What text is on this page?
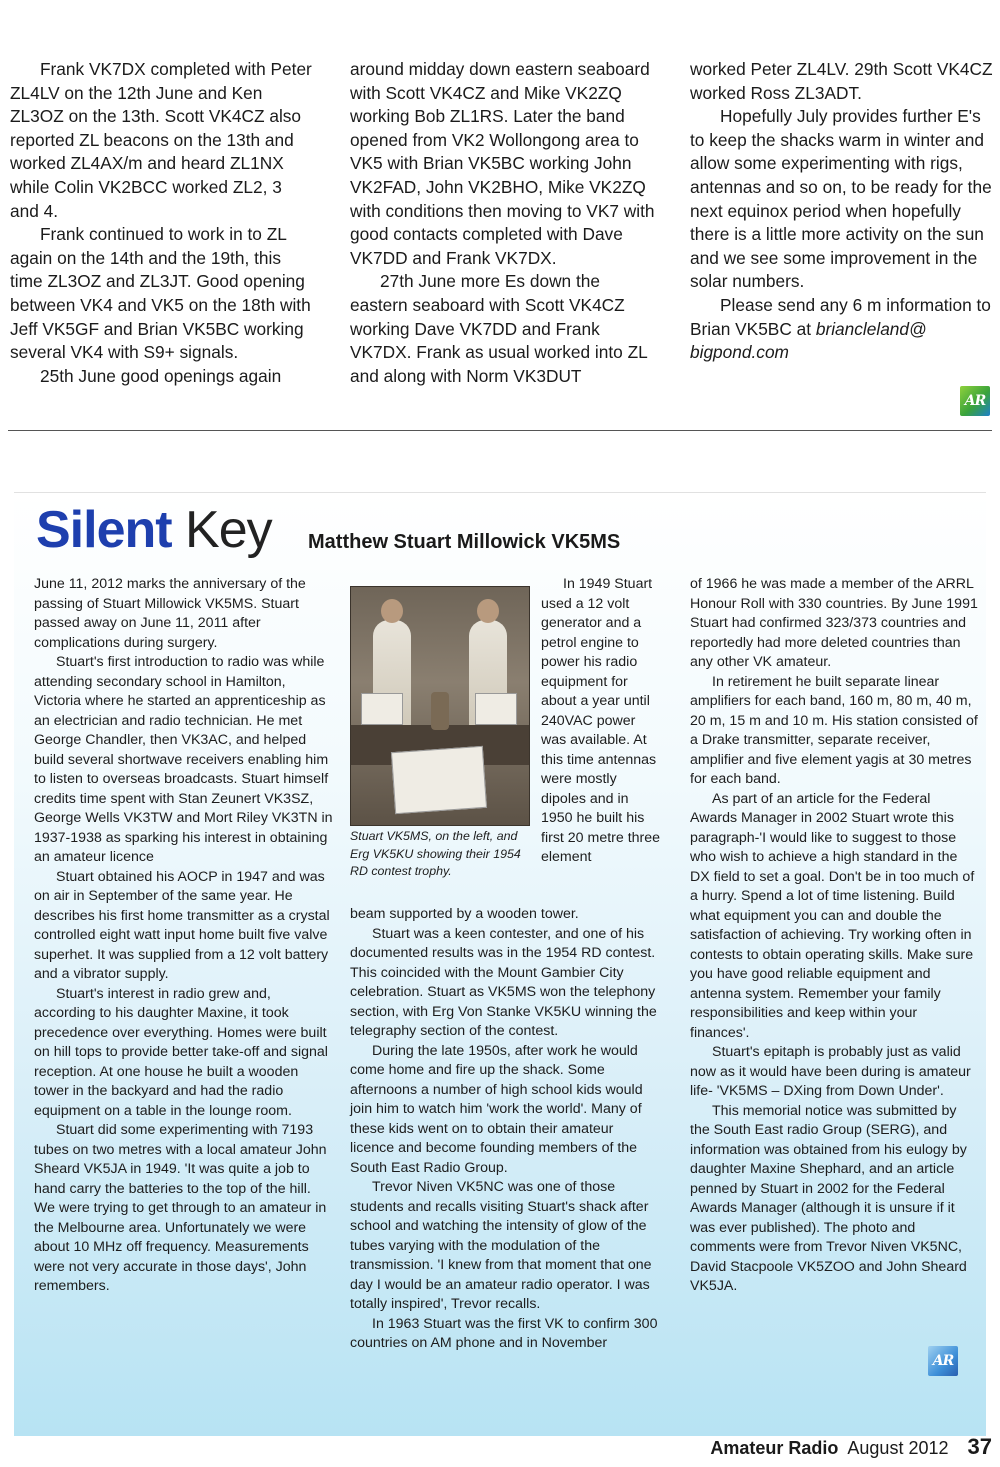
Frank VK7DX completed with Peter ZL4LV on the 12th June and Ken ZL3OZ on the 13th. Scott VK4CZ also reported ZL beacons on the 13th and worked ZL4AX/m and heard ZL1NX while Colin VK2BCC worked ZL2, 3 and 4.

Frank continued to work in to ZL again on the 14th and the 19th, this time ZL3OZ and ZL3JT. Good opening between VK4 and VK5 on the 18th with Jeff VK5GF and Brian VK5BC working several VK4 with S9+ signals.

25th June good openings again

around midday down eastern seaboard with Scott VK4CZ and Mike VK2ZQ working Bob ZL1RS. Later the band opened from VK2 Wollongong area to VK5 with Brian VK5BC working John VK2FAD, John VK2BHO, Mike VK2ZQ with conditions then moving to VK7 with good contacts completed with Dave VK7DD and Frank VK7DX.

27th June more Es down the eastern seaboard with Scott VK4CZ working Dave VK7DD and Frank VK7DX. Frank as usual worked into ZL and along with Norm VK3DUT

worked Peter ZL4LV. 29th Scott VK4CZ worked Ross ZL3ADT.

Hopefully July provides further E's to keep the shacks warm in winter and allow some experimenting with rigs, antennas and so on, to be ready for the next equinox period when hopefully there is a little more activity on the sun and we see some improvement in the solar numbers.

Please send any 6 m information to Brian VK5BC at briancleland@ bigpond.com

AR
Silent Key Matthew Stuart Millowick VK5MS

June 11, 2012 marks the anniversary of the passing of Stuart Millowick VK5MS. Stuart passed away on June 11, 2011 after complications during surgery.

Stuart's first introduction to radio was while attending secondary school in Hamilton, Victoria where he started an apprenticeship as an electrician and radio technician. He met George Chandler, then VK3AC, and helped build several shortwave receivers enabling him to listen to overseas broadcasts. Stuart himself credits time spent with Stan Zeunert VK3SZ, George Wells VK3TW and Mort Riley VK3TN in 1937-1938 as sparking his interest in obtaining an amateur licence

Stuart obtained his AOCP in 1947 and was on air in September of the same year. He describes his first home transmitter as a crystal controlled eight watt input home built five valve superhet. It was supplied from a 12 volt battery and a vibrator supply.

Stuart's interest in radio grew and, according to his daughter Maxine, it took precedence over everything. Homes were built on hill tops to provide better take-off and signal reception. At one house he built a wooden tower in the backyard and had the radio equipment on a table in the lounge room.

Stuart did some experimenting with 7193 tubes on two metres with a local amateur John Sheard VK5JA in 1949. 'It was quite a job to hand carry the batteries to the top of the hill. We were trying to get through to an amateur in the Melbourne area. Unfortunately we were about 10 MHz off frequency. Measurements were not very accurate in those days', John remembers.

Stuart VK5MS, on the left, and Erg VK5KU showing their 1954 RD contest trophy.

In 1949 Stuart used a 12 volt generator and a petrol engine to power his radio equipment for about a year until 240VAC power was available. At this time antennas were mostly dipoles and in 1950 he built his first 20 metre three element

beam supported by a wooden tower.

Stuart was a keen contester, and one of his documented results was in the 1954 RD contest. This coincided with the Mount Gambier City celebration. Stuart as VK5MS won the telephony section, with Erg Von Stanke VK5KU winning the telegraphy section of the contest.

During the late 1950s, after work he would come home and fire up the shack. Some afternoons a number of high school kids would join him to watch him 'work the world'. Many of these kids went on to obtain their amateur licence and become founding members of the South East Radio Group.

Trevor Niven VK5NC was one of those students and recalls visiting Stuart's shack after school and watching the intensity of glow of the tubes varying with the modulation of the transmission. 'I knew from that moment that one day I would be an amateur radio operator. I was totally inspired', Trevor recalls.

In 1963 Stuart was the first VK to confirm 300 countries on AM phone and in November

of 1966 he was made a member of the ARRL Honour Roll with 330 countries. By June 1991 Stuart had confirmed 323/373 countries and reportedly had more deleted countries than any other VK amateur.

In retirement he built separate linear amplifiers for each band, 160 m, 80 m, 40 m, 20 m, 15 m and 10 m. His station consisted of a Drake transmitter, separate receiver, amplifier and five element yagis at 30 metres for each band.

As part of an article for the Federal Awards Manager in 2002 Stuart wrote this paragraph-'I would like to suggest to those who wish to achieve a high standard in the DX field to set a goal. Don't be in too much of a hurry. Spend a lot of time listening. Build what equipment you can and double the satisfaction of achieving. Try working often in contests to obtain operating skills. Make sure you have good reliable equipment and antenna system. Remember your family responsibilities and keep within your finances'.

Stuart's epitaph is probably just as valid now as it would have been during is amateur life- 'VK5MS – DXing from Down Under'.

This memorial notice was submitted by the South East radio Group (SERG), and information was obtained from his eulogy by daughter Maxine Shephard, and an article penned by Stuart in 2002 for the Federal Awards Manager (although it is unsure if it was ever published). The photo and comments were from Trevor Niven VK5NC, David Stacpoole VK5ZOO and John Sheard VK5JA.

AR
Amateur Radio August 2012 37
